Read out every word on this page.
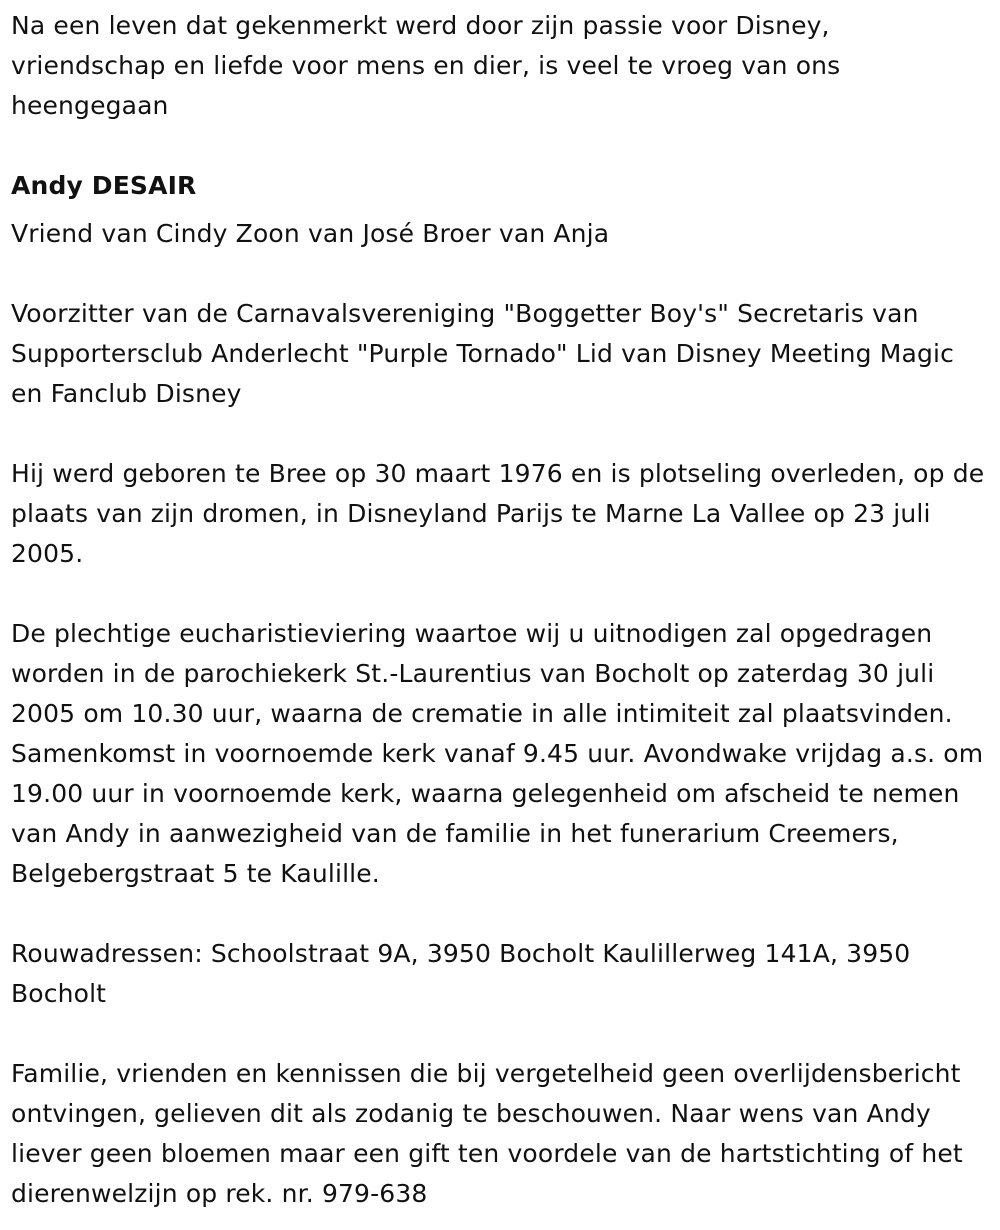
Na een leven dat gekenmerkt werd door zijn passie voor Disney, vriendschap en liefde voor mens en dier, is veel te vroeg van ons heengegaan

Andy DESAIR

Vriend van Cindy Zoon van José Broer van Anja

Voorzitter van de Carnavalsvereniging "Boggetter Boy's" Secretaris van Supportersclub Anderlecht "Purple Tornado" Lid van Disney Meeting Magic en Fanclub Disney

Hij werd geboren te Bree op 30 maart 1976 en is plotseling overleden, op de plaats van zijn dromen, in Disneyland Parijs te Marne La Vallee op 23 juli 2005.

De plechtige eucharistieviering waartoe wij u uitnodigen zal opgedragen worden in de parochiekerk St.-Laurentius van Bocholt op zaterdag 30 juli 2005 om 10.30 uur, waarna de crematie in alle intimiteit zal plaatsvinden. Samenkomst in voornoemde kerk vanaf 9.45 uur. Avondwake vrijdag a.s. om 19.00 uur in voornoemde kerk, waarna gelegenheid om afscheid te nemen van Andy in aanwezigheid van de familie in het funerarium Creemers, Belgebergstraat 5 te Kaulille.

Rouwadressen: Schoolstraat 9A, 3950 Bocholt Kaulillerweg 141A, 3950 Bocholt

Familie, vrienden en kennissen die bij vergetelheid geen overlijdensbericht ontvingen, gelieven dit als zodanig te beschouwen. Naar wens van Andy liever geen bloemen maar een gift ten voordele van de hartstichting of het dierenwelzijn op rek. nr. 979-638
